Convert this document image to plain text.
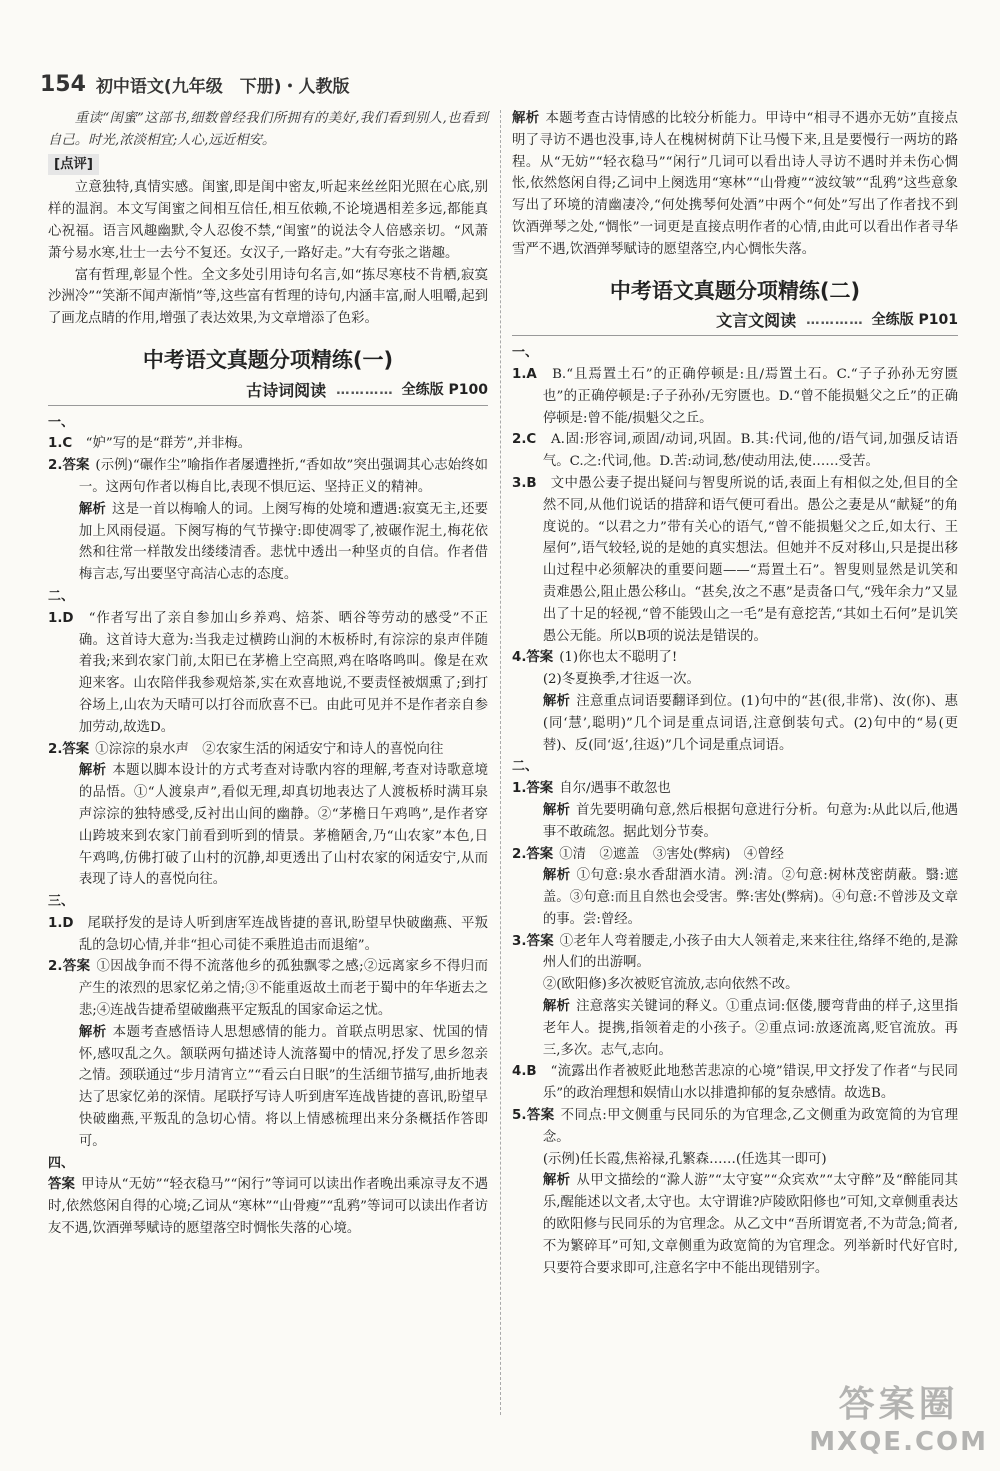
154 初中语文(九年级　下册)・人教版

重读“闺蜜”这部书,细数曾经我们所拥有的美好,我们看到别人,也看到自己。时光,浓淡相宜;人心,远近相安。

[点评]

立意独特,真情实感。闺蜜,即是闺中密友,听起来丝丝阳光照在心底,别样的温润。本文写闺蜜之间相互信任,相互依赖,不论境遇相差多远,都能真心祝福。语言风趣幽默,令人忍俊不禁,“闺蜜”的说法令人倍感亲切。“风萧萧兮易水寒,壮士一去兮不复还。女汉子,一路好走。”大有夸张之谐趣。

富有哲理,彰显个性。全文多处引用诗句名言,如“拣尽寒枝不肯栖,寂寞沙洲冷”“笑渐不闻声渐悄”等,这些富有哲理的诗句,内涵丰富,耐人咀嚼,起到了画龙点睛的作用,增强了表达效果,为文章增添了色彩。

中考语文真题分项精练(一)
古诗词阅读 ………… 全练版 P100

一、

1.C　 “妒”写的是“群芳”,并非梅。

2.答案 (示例)“碾作尘”喻指作者屡遭挫折,“香如故”突出强调其心志始终如一。这两句作者以梅自比,表现不惧厄运、坚持正义的精神。

解析 这是一首以梅喻人的词。上阕写梅的处境和遭遇:寂寞无主,还要加上风雨侵逼。下阕写梅的气节操守:即使凋零了,被碾作泥土,梅花依然和往常一样散发出缕缕清香。悲忧中透出一种坚贞的自信。作者借梅言志,写出要坚守高洁心志的态度。

二、

1.D　 “作者写出了亲自参加山乡养鸡、焙茶、晒谷等劳动的感受”不正确。这首诗大意为:当我走过横跨山涧的木板桥时,有淙淙的泉声伴随着我;来到农家门前,太阳已在茅檐上空高照,鸡在咯咯鸣叫。像是在欢迎来客。山农陪伴我参观焙茶,实在欢喜地说,不要责怪被烟熏了;到打谷场上,山农为天晴可以打谷而欣喜不已。由此可见并不是作者亲自参加劳动,故选D。

2.答案 ①淙淙的泉水声　②农家生活的闲适安宁和诗人的喜悦向往

解析 本题以脚本设计的方式考查对诗歌内容的理解,考查对诗歌意境的品悟。①“人渡泉声”,看似无理,却真切地表达了人渡板桥时满耳泉声淙淙的独特感受,反衬出山间的幽静。②“茅檐日午鸡鸣”,是作者穿山跨坡来到农家门前看到听到的情景。茅檐陋舍,乃“山农家”本色,日午鸡鸣,仿佛打破了山村的沉静,却更透出了山村农家的闲适安宁,从而表现了诗人的喜悦向往。

三、

1.D　 尾联抒发的是诗人听到唐军连战皆捷的喜讯,盼望早快破幽燕、平叛乱的急切心情,并非“担心司徒不乘胜追击而退缩”。

2.答案 ①因战争而不得不流落他乡的孤独飘零之感;②远离家乡不得归而产生的浓烈的思家忆弟之情;③不能重返故土而老于蜀中的年华逝去之悲;④连战告捷希望破幽燕平定叛乱的国家命运之忧。

解析 本题考查感悟诗人思想感情的能力。首联点明思家、忧国的情怀,感叹乱之久。颔联两句描述诗人流落蜀中的情况,抒发了思乡忽亲之情。颈联通过“步月清宵立”“看云白日眠”的生活细节描写,曲折地表达了思家忆弟的深情。尾联抒写诗人听到唐军连战皆捷的喜讯,盼望早快破幽燕,平叛乱的急切心情。将以上情感梳理出来分条概括作答即可。

四、

答案 甲诗从“无妨”“轻衣稳马”“闲行”等词可以读出作者晚出乘凉寻友不遇时,依然悠闲自得的心境;乙词从“寒林”“山骨瘦”“乱鸦”等词可以读出作者访友不遇,饮酒弹琴赋诗的愿望落空时惆怅失落的心境。

解析 本题考查古诗情感的比较分析能力。甲诗中“相寻不遇亦无妨”直接点明了寻访不遇也没事,诗人在槐树树荫下让马慢下来,且是要慢行一两坊的路程。从“无妨”“轻衣稳马”“闲行”几词可以看出诗人寻访不遇时并未伤心惆怅,依然悠闲自得;乙词中上阕选用“寒林”“山骨瘦”“波纹皱”“乱鸦”这些意象写出了环境的清幽凄冷,“何处携琴何处酒”中两个“何处”写出了作者找不到饮酒弹琴之处,“惆怅”一词更是直接点明作者的心情,由此可以看出作者寻华雪严不遇,饮酒弹琴赋诗的愿望落空,内心惆怅失落。

中考语文真题分项精练(二)
文言文阅读 ………… 全练版 P101

一、

1.A　 B.“且焉置土石”的正确停顿是:且/焉置土石。C.“子子孙孙无穷匮也”的正确停顿是:子子孙孙/无穷匮也。D.“曾不能损魁父之丘”的正确停顿是:曾不能/损魁父之丘。

2.C　 A.固:形容词,顽固/动词,巩固。B.其:代词,他的/语气词,加强反诘语气。C.之:代词,他。D.苦:动词,愁/使动用法,使……受苦。

3.B　 文中愚公妻子提出疑问与智叟所说的话,表面上有相似之处,但目的全然不同,从他们说话的措辞和语气便可看出。愚公之妻是从“献疑”的角度说的。“以君之力”带有关心的语气,“曾不能损魁父之丘,如太行、王屋何”,语气较轻,说的是她的真实想法。但她并不反对移山,只是提出移山过程中必须解决的重要问题——“焉置土石”。智叟则显然是讥笑和责难愚公,阻止愚公移山。“甚矣,汝之不惠”是责备口气,“残年余力”又显出了十足的轻视,“曾不能毁山之一毛”是有意挖苦,“其如土石何”是讥笑愚公无能。所以B项的说法是错误的。

4.答案 (1)你也太不聪明了!

(2)冬夏换季,才往返一次。

解析 注意重点词语要翻译到位。(1)句中的“甚(很,非常)、汝(你)、惠(同‘慧’,聪明)”几个词是重点词语,注意倒装句式。(2)句中的“易(更替)、反(同‘返’,往返)”几个词是重点词语。

二、

1.答案 自尔/遇事不敢忽也

解析 首先要明确句意,然后根据句意进行分析。句意为:从此以后,他遇事不敢疏忽。据此划分节奏。

2.答案 ①清　②遮盖　③害处(弊病)　④曾经

解析 ①句意:泉水香甜酒水清。洌:清。②句意:树林茂密荫蔽。翳:遮盖。③句意:而且自然也会受害。弊:害处(弊病)。④句意:不曾涉及文章的事。尝:曾经。

3.答案 ①老年人弯着腰走,小孩子由大人领着走,来来往往,络绎不绝的,是滁州人们的出游啊。

②(欧阳修)多次被贬官流放,志向依然不改。

解析 注意落实关键词的释义。①重点词:伛偻,腰弯背曲的样子,这里指老年人。提携,指领着走的小孩子。②重点词:放逐流离,贬官流放。再三,多次。志气,志向。

4.B　 “流露出作者被贬此地愁苦悲凉的心境”错误,甲文抒发了作者“与民同乐”的政治理想和娱情山水以排遣抑郁的复杂感情。故选B。

5.答案 不同点:甲文侧重与民同乐的为官理念,乙文侧重为政宽简的为官理念。

(示例)任长霞,焦裕禄,孔繁森……(任选其一即可)

解析 从甲文描绘的“滁人游”“太守宴”“众宾欢”“太守醉”及“醉能同其乐,醒能述以文者,太守也。太守谓谁?庐陵欧阳修也”可知,文章侧重表达的欧阳修与民同乐的为官理念。从乙文中“吾所谓宽者,不为苛急;简者,不为繁碎耳”可知,文章侧重为政宽简的为官理念。列举新时代好官时,只要符合要求即可,注意名字中不能出现错别字。

答案圈
MXQE.COM
